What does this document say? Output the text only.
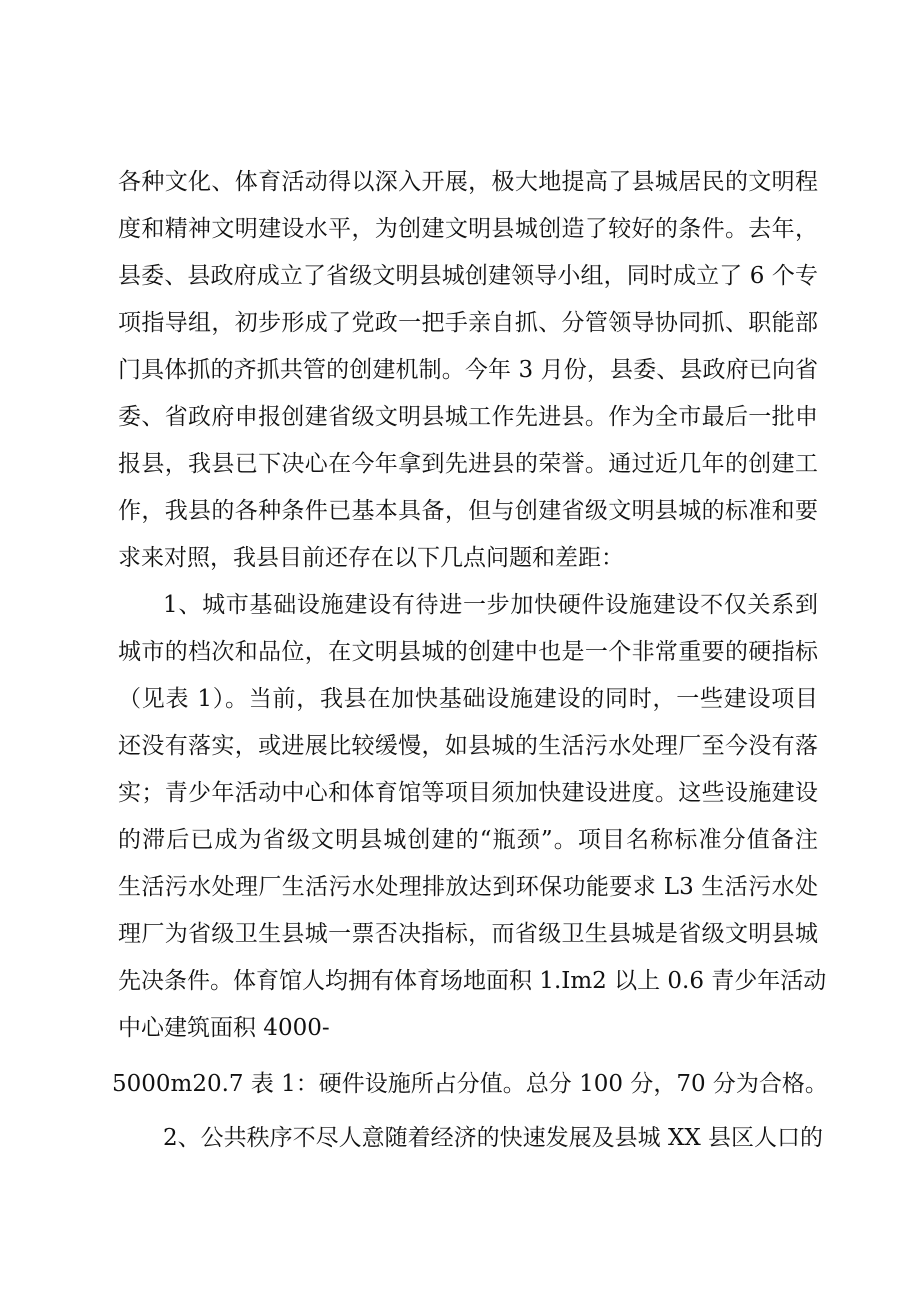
各种文化、体育活动得以深入开展，极大地提高了县城居民的文明程
度和精神文明建设水平，为创建文明县城创造了较好的条件。去年，
县委、县政府成立了省级文明县城创建领导小组，同时成立了 6 个专
项指导组，初步形成了党政一把手亲自抓、分管领导协同抓、职能部
门具体抓的齐抓共管的创建机制。今年 3 月份，县委、县政府已向省
委、省政府申报创建省级文明县城工作先进县。作为全市最后一批申
报县，我县已下决心在今年拿到先进县的荣誉。通过近几年的创建工
作，我县的各种条件已基本具备，但与创建省级文明县城的标准和要
求来对照，我县目前还存在以下几点问题和差距：
1、城市基础设施建设有待进一步加快硬件设施建设不仅关系到
城市的档次和品位，在文明县城的创建中也是一个非常重要的硬指标
（见表 1）。当前，我县在加快基础设施建设的同时，一些建设项目
还没有落实，或进展比较缓慢，如县城的生活污水处理厂至今没有落
实；青少年活动中心和体育馆等项目须加快建设进度。这些设施建设
的滞后已成为省级文明县城创建的“瓶颈”。项目名称标准分值备注
生活污水处理厂生活污水处理排放达到环保功能要求 L3 生活污水处
理厂为省级卫生县城一票否决指标，而省级卫生县城是省级文明县城
先决条件。体育馆人均拥有体育场地面积 1.Im2 以上 0.6 青少年活动
中心建筑面积 4000-
5000m20.7 表 1：硬件设施所占分值。总分 100 分，70 分为合格。
2、公共秩序不尽人意随着经济的快速发展及县城 XX 县区人口的
